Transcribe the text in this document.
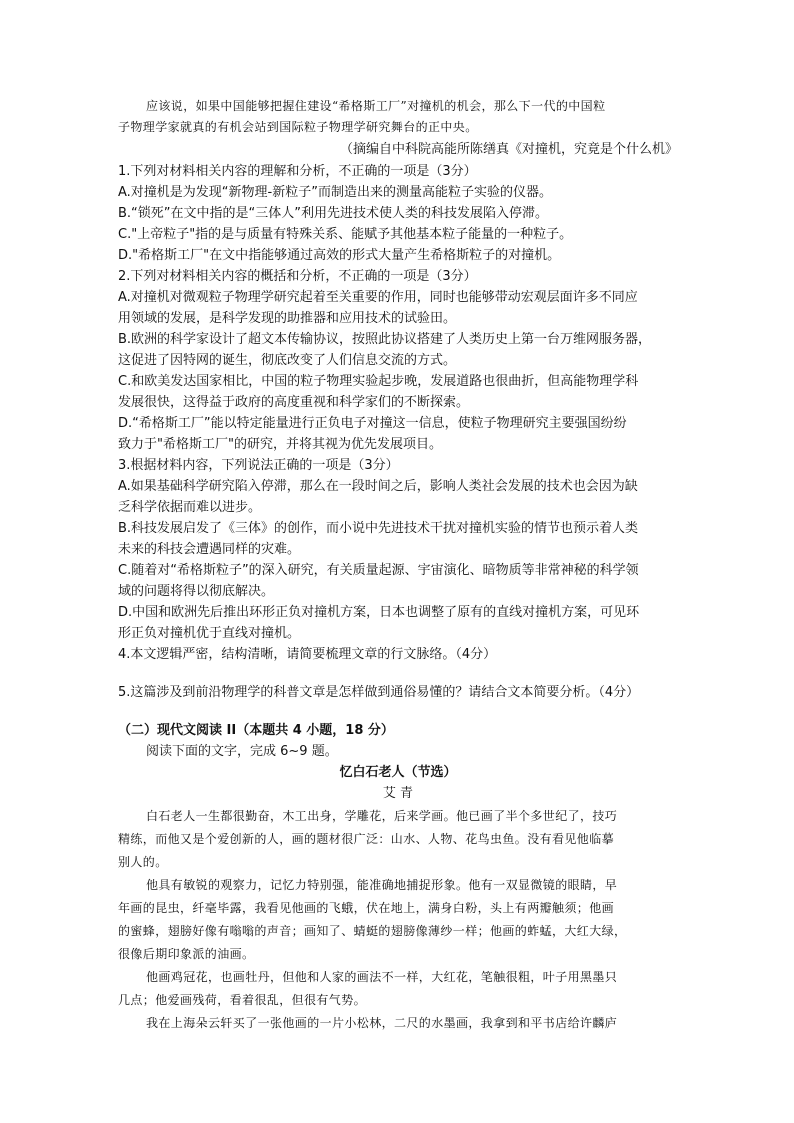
应该说，如果中国能够把握住建设“希格斯工厂”对撞机的机会，那么下一代的中国粒
子物理学家就真的有机会站到国际粒子物理学研究舞台的正中央。
（摘编自中科院高能所陈缮真《对撞机，究竟是个什么机》
1.下列对材料相关内容的理解和分析，不正确的一项是（3分）
A.对撞机是为发现“新物理-新粒子”而制造出来的测量高能粒子实验的仪器。
B.“锁死”在文中指的是“三体人”利用先进技术使人类的科技发展陷入停滞。
C."上帝粒子"指的是与质量有特殊关系、能赋予其他基本粒子能量的一种粒子。
D."希格斯工厂"在文中指能够通过高效的形式大量产生希格斯粒子的对撞机。
2.下列对材料相关内容的概括和分析，不正确的一项是（3分）
A.对撞机对微观粒子物理学研究起着至关重要的作用，同时也能够带动宏观层面许多不同应
用领域的发展，是科学发现的助推器和应用技术的试验田。
B.欧洲的科学家设计了超文本传输协议，按照此协议搭建了人类历史上第一台万维网服务器，
这促进了因特网的诞生，彻底改变了人们信息交流的方式。
C.和欧美发达国家相比，中国的粒子物理实验起步晚，发展道路也很曲折，但高能物理学科
发展很快，这得益于政府的高度重视和科学家们的不断探索。
D.“希格斯工厂”能以特定能量进行正负电子对撞这一信息，使粒子物理研究主要强国纷纷
致力于"希格斯工厂"的研究，并将其视为优先发展项目。
3.根据材料内容，下列说法正确的一项是（3分）
A.如果基础科学研究陷入停滞，那么在一段时间之后，影响人类社会发展的技术也会因为缺
乏科学依据而难以进步。
B.科技发展启发了《三体》的创作，而小说中先进技术干扰对撞机实验的情节也预示着人类
未来的科技会遭遇同样的灾难。
C.随着对“希格斯粒子”的深入研究，有关质量起源、宇宙演化、暗物质等非常神秘的科学领
域的问题将得以彻底解决。
D.中国和欧洲先后推出环形正负对撞机方案，日本也调整了原有的直线对撞机方案，可见环
形正负对撞机优于直线对撞机。
4.本文逻辑严密，结构清晰，请简要梳理文章的行文脉络。（4分）
5.这篇涉及到前沿物理学的科普文章是怎样做到通俗易懂的？请结合文本简要分析。（4分）
（二）现代文阅读 II（本题共 4 小题，18 分）
阅读下面的文字，完成 6~9 题。
忆白石老人（节选）
艾 青
白石老人一生都很勤奋，木工出身，学雕花，后来学画。他已画了半个多世纪了，技巧
精练，而他又是个爱创新的人，画的题材很广泛：山水、人物、花鸟虫鱼。没有看见他临摹
别人的。
他具有敏锐的观察力，记忆力特别强，能准确地捕捉形象。他有一双显微镜的眼睛，早
年画的昆虫，纤毫毕露，我看见他画的飞蛾，伏在地上，满身白粉，头上有两瓣触须；他画
的蜜蜂，翅膀好像有嗡嗡的声音；画知了、蜻蜓的翅膀像薄纱一样；他画的蚱蜢，大红大绿，
很像后期印象派的油画。
他画鸡冠花，也画牡丹，但他和人家的画法不一样，大红花，笔触很粗，叶子用黑墨只
几点；他爱画残荷，看着很乱，但很有气势。
我在上海朵云轩买了一张他画的一片小松林，二尺的水墨画，我拿到和平书店给许麟庐
